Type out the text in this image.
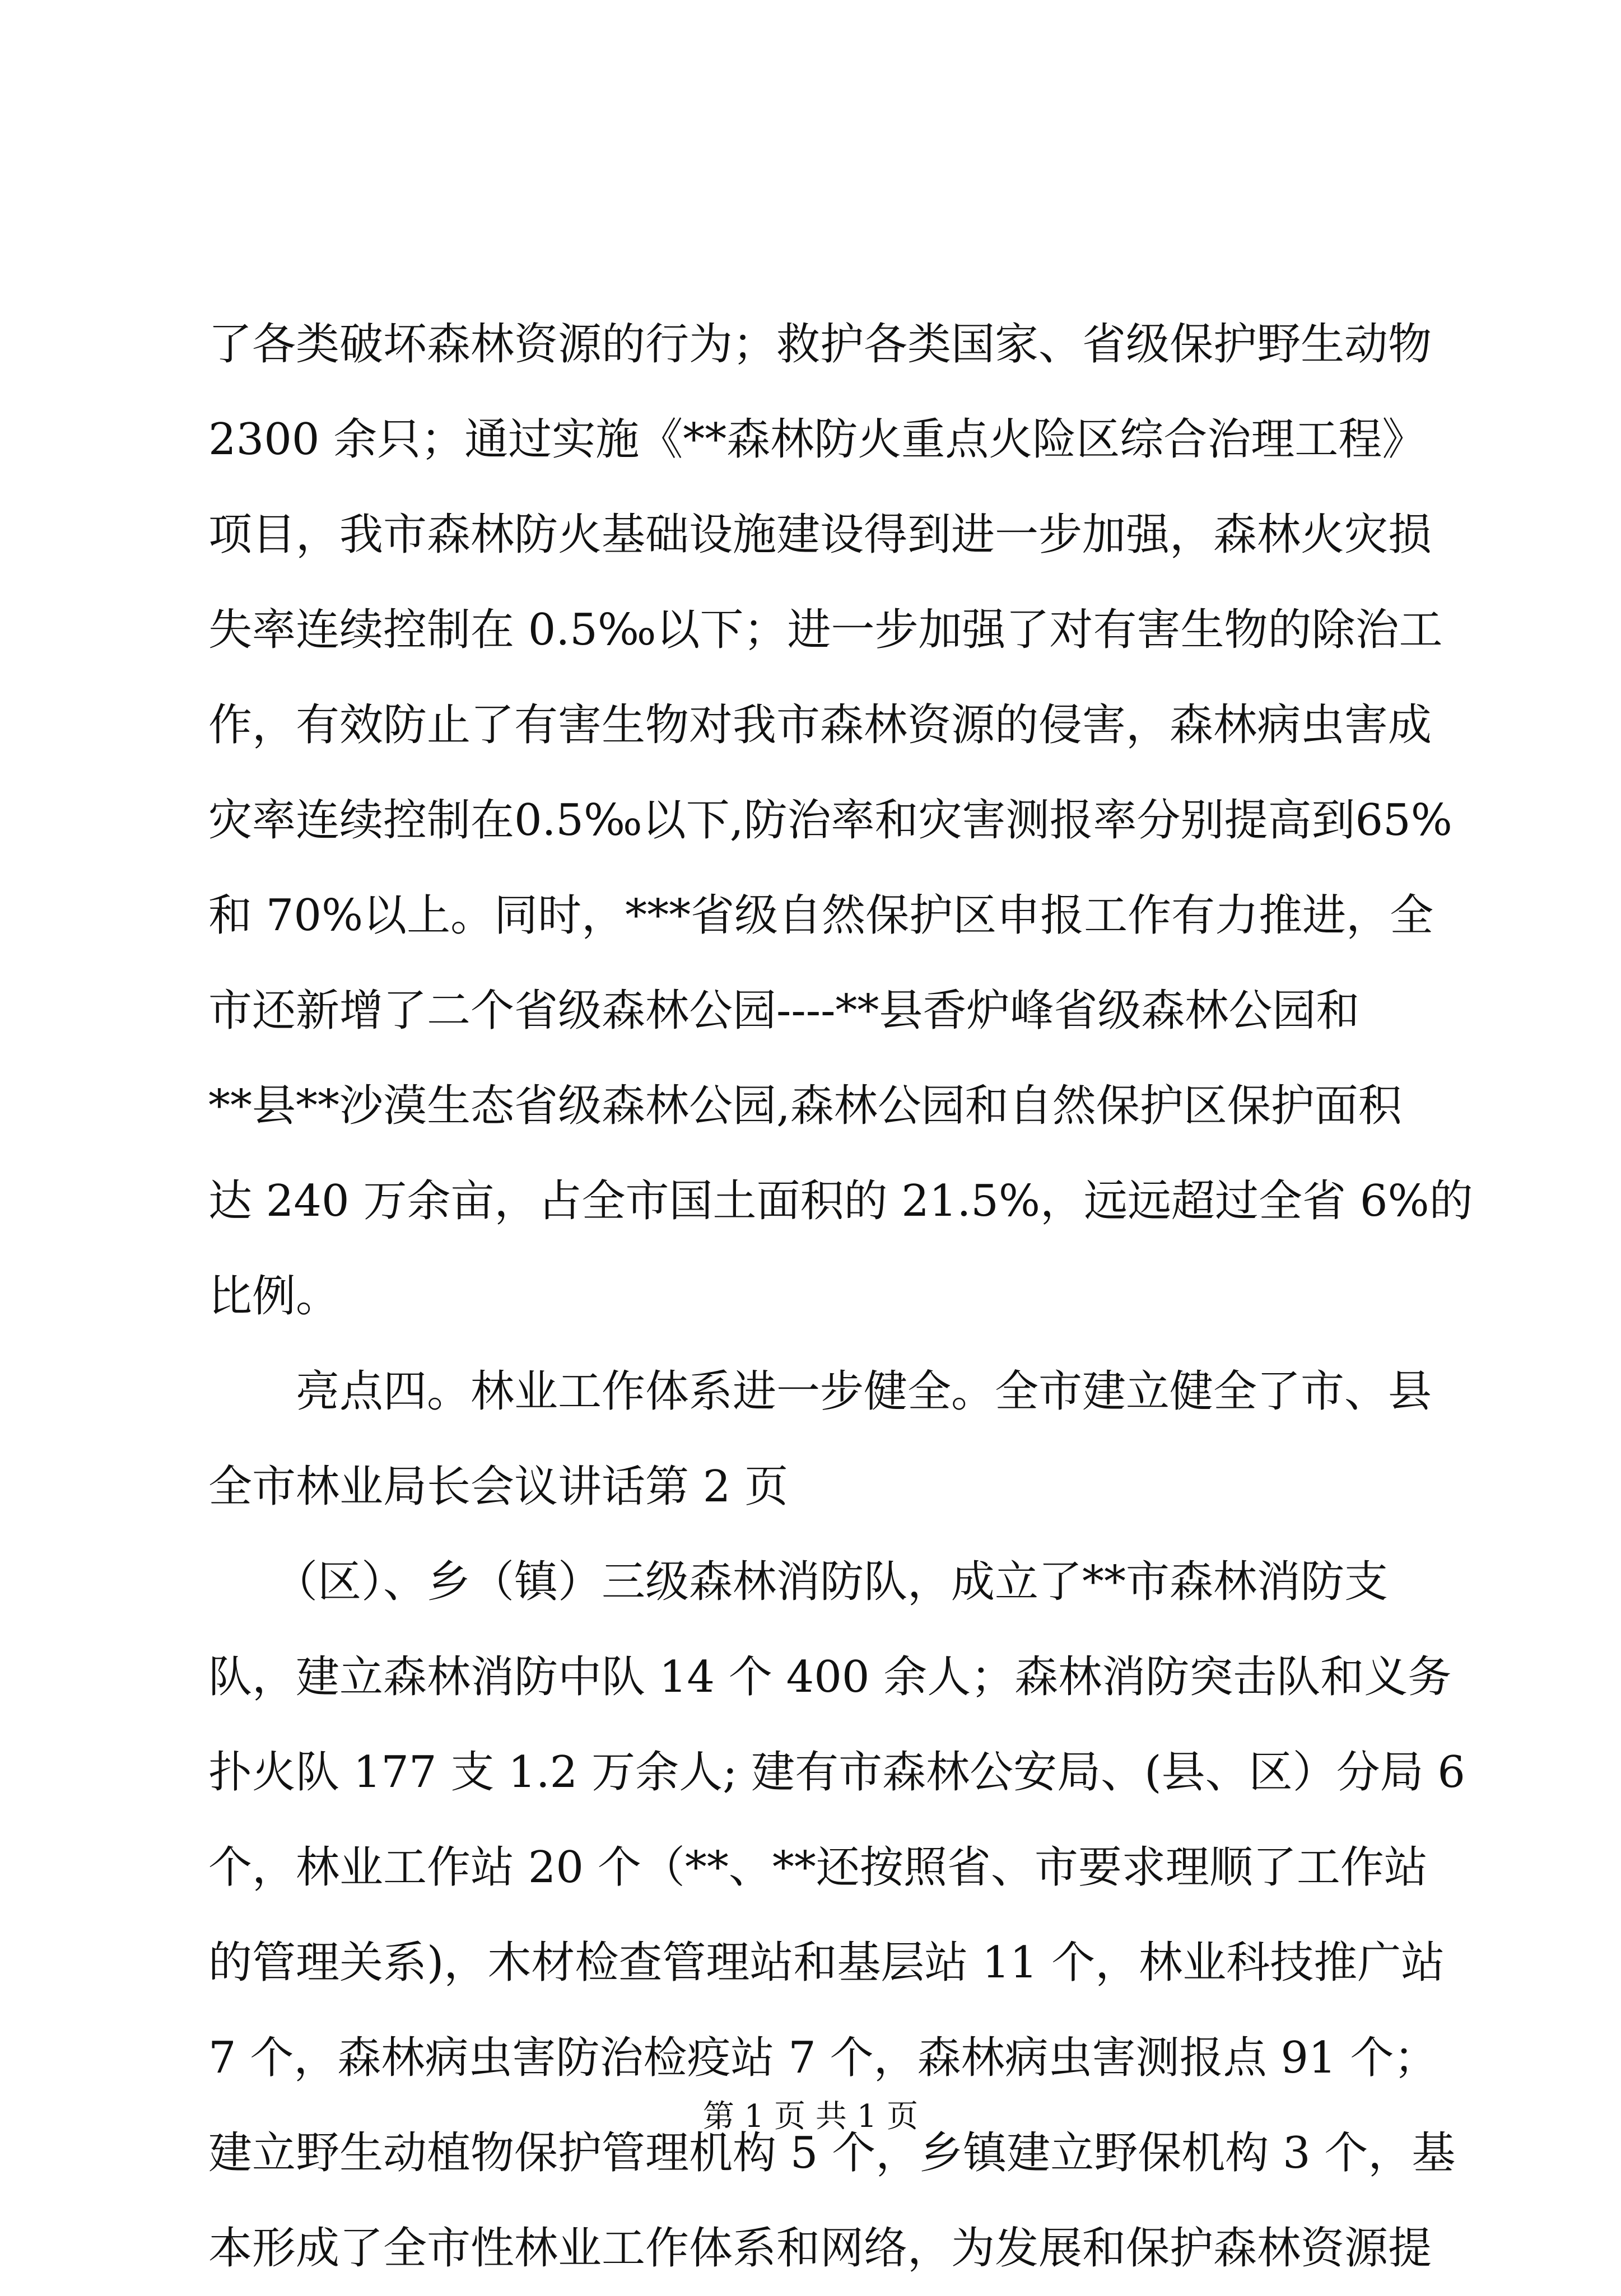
了各类破坏森林资源的行为；救护各类国家、省级保护野生动物
2300 余只；通过实施《**森林防火重点火险区综合治理工程》
项目，我市森林防火基础设施建设得到进一步加强，森林火灾损
失率连续控制在 0.5‰以下；进一步加强了对有害生物的除治工
作，有效防止了有害生物对我市森林资源的侵害，森林病虫害成
灾率连续控制在0.5‰以下,防治率和灾害测报率分别提高到65%
和 70%以上。同时，***省级自然保护区申报工作有力推进，全
市还新增了二个省级森林公园----**县香炉峰省级森林公园和
**县**沙漠生态省级森林公园,森林公园和自然保护区保护面积
达 240 万余亩，占全市国土面积的 21.5%，远远超过全省 6%的
比例。
　　亮点四。林业工作体系进一步健全。全市建立健全了市、县
全市林业局长会议讲话第 2 页
　　（区）、乡（镇）三级森林消防队，成立了**市森林消防支
队，建立森林消防中队 14 个 400 余人；森林消防突击队和义务
扑火队 177 支 1.2 万余人; 建有市森林公安局、(县、区）分局 6
个，林业工作站 20 个（**、**还按照省、市要求理顺了工作站
的管理关系)，木材检查管理站和基层站 11 个，林业科技推广站
7 个，森林病虫害防治检疫站 7 个，森林病虫害测报点 91 个；
建立野生动植物保护管理机构 5 个，乡镇建立野保机构 3 个，基
本形成了全市性林业工作体系和网络，为发展和保护森林资源提
第 1 页 共 1 页
